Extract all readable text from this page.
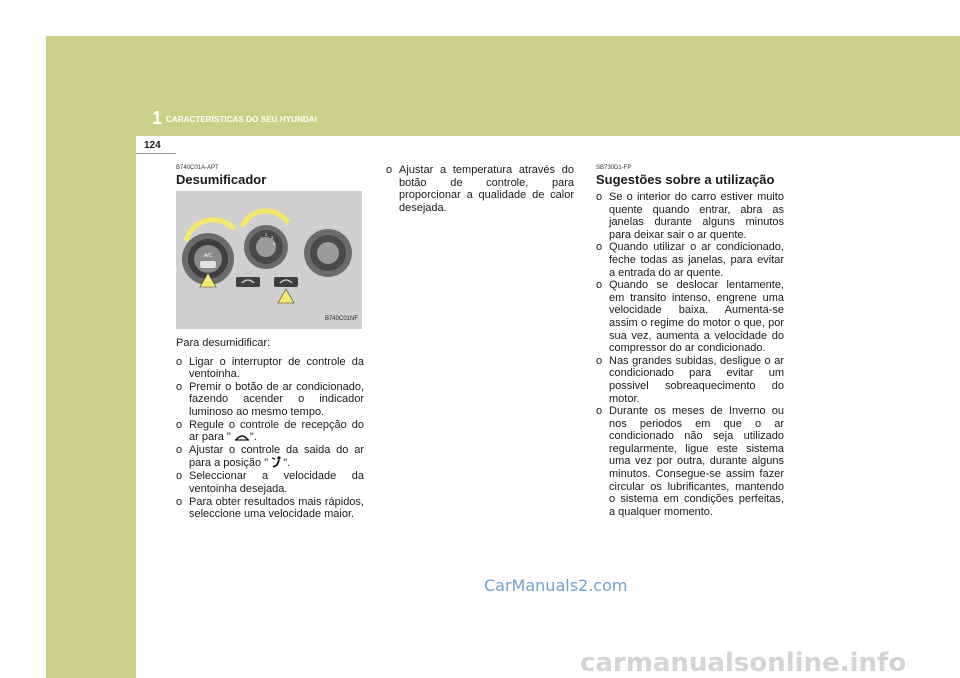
1 CARACTERÍSTICAS DO SEU HYUNDAI
124
B740C01A-APT
Desumificador
A/C
1
2
3
4
B740C01NF

Para desumidificar:

o Ligar o interruptor de controle da ventoinha.
o Premir o botão de ar condicionado, fazendo acender o indicador luminoso ao mesmo tempo.
o Regule o controle de recepção do ar para " ".
o Ajustar o controle da saida do ar para a posição " ".
o Seleccionar a velocidade da ventoinha desejada.
o Para obter resultados mais rápidos, seleccione uma velocidade maior.
o Ajustar a temperatura através do botão de controle, para proporcionar a qualidade de calor desejada.
SB730D1-FP
Sugestões sobre a utilização
o Se o interior do carro estiver muito quente quando entrar, abra as janelas durante alguns minutos para deixar sair o ar quente.
o Quando utilizar o ar condicionado, feche todas as janelas, para evitar a entrada do ar quente.
o Quando se deslocar lentamente, em transito intenso, engrene uma velocidade baixa. Aumenta-se assim o regime do motor o que, por sua vez, aumenta a velocidade do compressor do ar condicionado.
o Nas grandes subidas, desligue o ar condicionado para evitar um possivel sobreaquecimento do motor.
o Durante os meses de Inverno ou nos periodos em que o ar condicionado não seja utilizado regularmente, ligue este sistema uma vez por outra, durante alguns minutos. Consegue-se assim fazer circular os lubrificantes, mantendo o sistema em condições perfeitas, a qualquer momento.
CarManuals2.com
carmanualsonline.info
